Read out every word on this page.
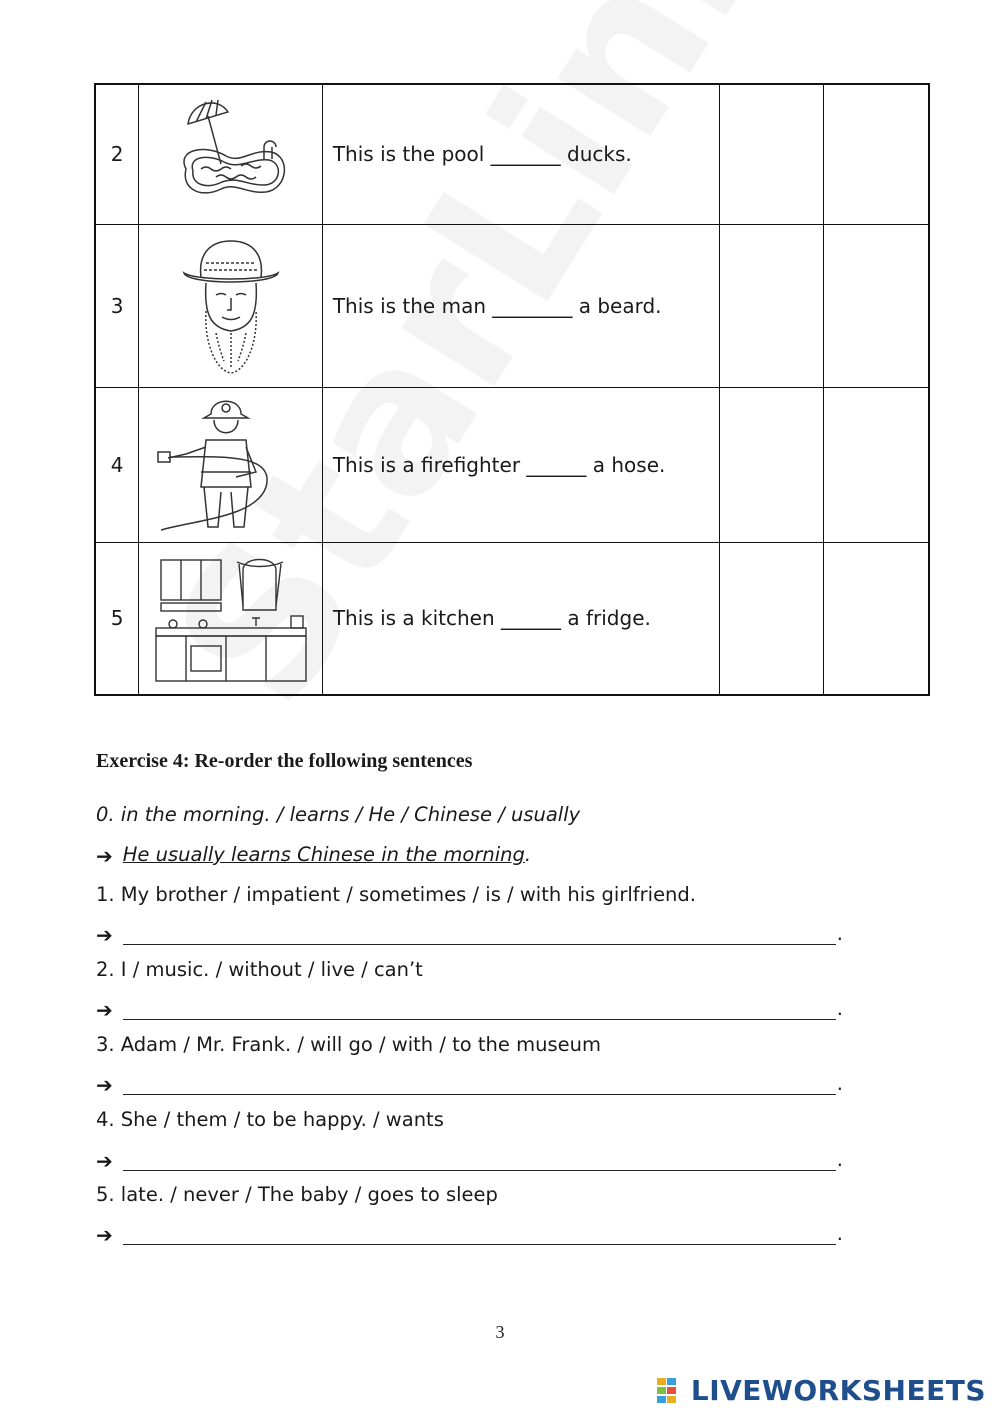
2		This is the pool _______ ducks.		
3		This is the man ________ a beard.		
4		This is a firefighter ______ a hose.		
5		This is a kitchen ______ a fridge.		
Exercise 4: Re-order the following sentences
0. in the morning. / learns / He / Chinese / usually
➔ He usually learns Chinese in the morning .
1. My brother / impatient / sometimes / is / with his girlfriend.
➔	.
2. I / music. / without / live / can’t
➔	.
3. Adam / Mr. Frank. / will go / with / to the museum
➔	.
4. She / them / to be happy. / wants
➔	.
5. late. / never / The baby / goes to sleep
➔	.
3
LIVEWORKSHEETS
